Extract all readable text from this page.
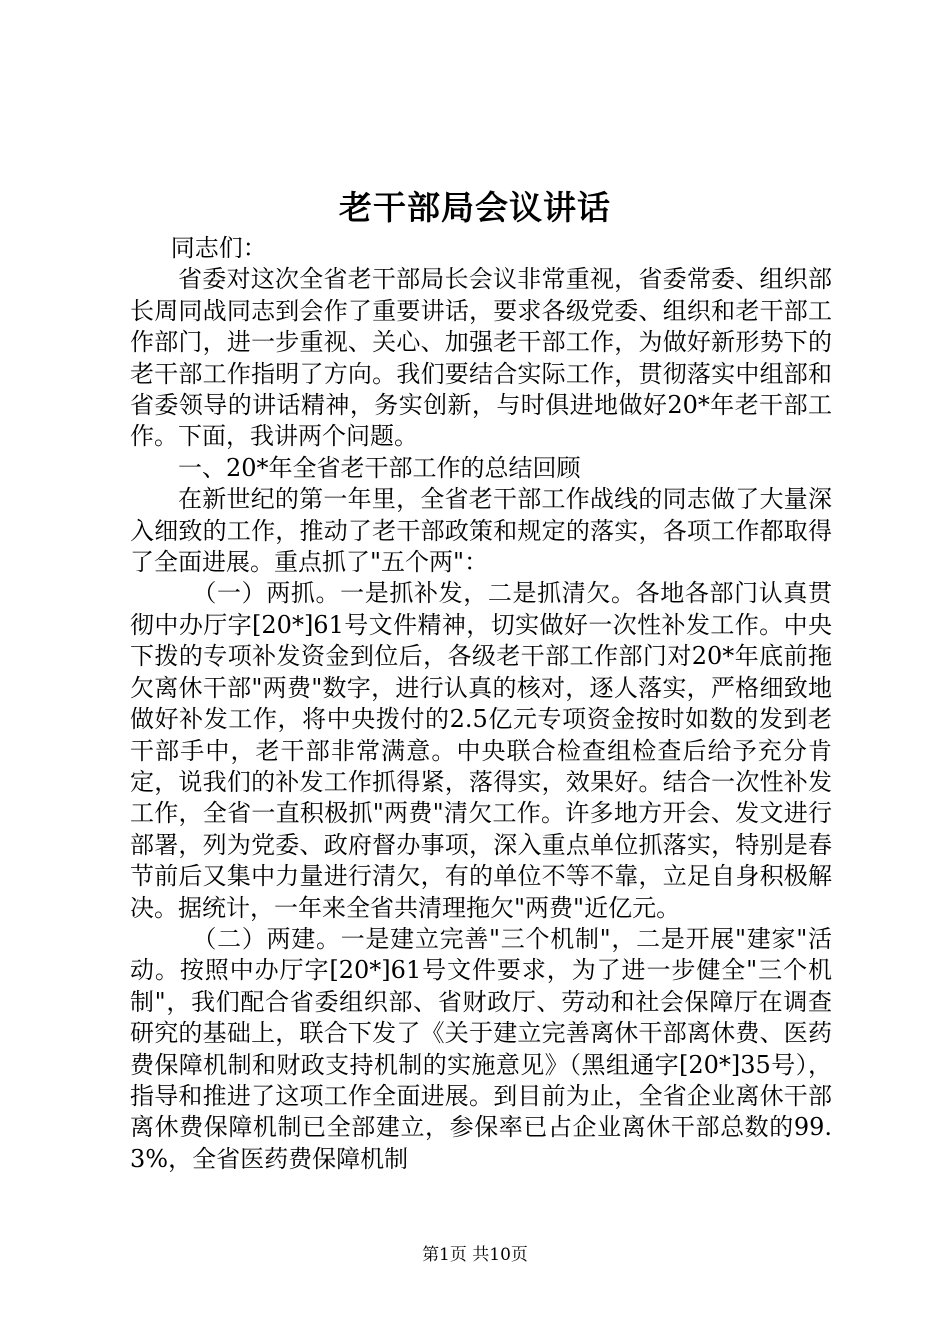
老干部局会议讲话

同志们：

省委对这次全省老干部局长会议非常重视，省委常委、组织部长周同战同志到会作了重要讲话，要求各级党委、组织和老干部工作部门，进一步重视、关心、加强老干部工作，为做好新形势下的老干部工作指明了方向。我们要结合实际工作，贯彻落实中组部和省委领导的讲话精神，务实创新，与时俱进地做好20*年老干部工作。下面，我讲两个问题。

一、20*年全省老干部工作的总结回顾

在新世纪的第一年里，全省老干部工作战线的同志做了大量深入细致的工作，推动了老干部政策和规定的落实，各项工作都取得了全面进展。重点抓了"五个两"：

（一）两抓。一是抓补发，二是抓清欠。各地各部门认真贯彻中办厅字[20*]61号文件精神，切实做好一次性补发工作。中央下拨的专项补发资金到位后，各级老干部工作部门对20*年底前拖欠离休干部"两费"数字，进行认真的核对，逐人落实，严格细致地做好补发工作，将中央拨付的2.5亿元专项资金按时如数的发到老干部手中，老干部非常满意。中央联合检查组检查后给予充分肯定，说我们的补发工作抓得紧，落得实，效果好。结合一次性补发工作，全省一直积极抓"两费"清欠工作。许多地方开会、发文进行部署，列为党委、政府督办事项，深入重点单位抓落实，特别是春节前后又集中力量进行清欠，有的单位不等不靠，立足自身积极解决。据统计，一年来全省共清理拖欠"两费"近亿元。

（二）两建。一是建立完善"三个机制"，二是开展"建家"活动。按照中办厅字[20*]61号文件要求，为了进一步健全"三个机制"，我们配合省委组织部、省财政厅、劳动和社会保障厅在调查研究的基础上，联合下发了《关于建立完善离休干部离休费、医药费保障机制和财政支持机制的实施意见》（黑组通字[20*]35号），指导和推进了这项工作全面进展。到目前为止，全省企业离休干部离休费保障机制已全部建立，参保率已占企业离休干部总数的99.3%，全省医药费保障机制

第1页 共10页
